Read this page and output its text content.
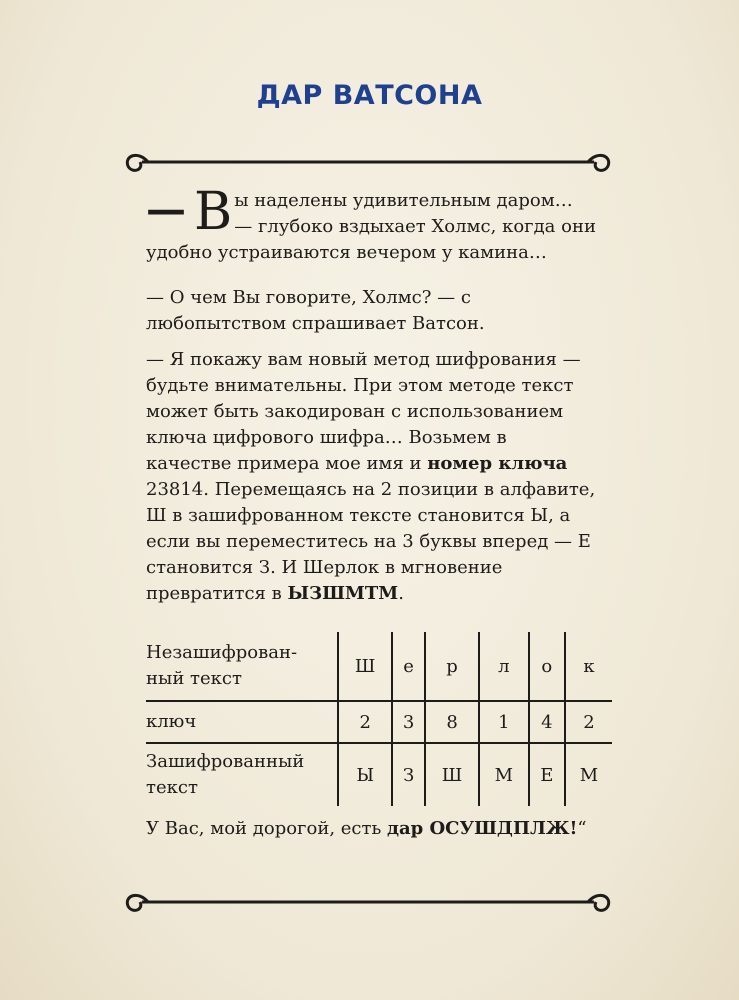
ДАР ВАТСОНА
— В ы наделены удивительным даром…
— глубоко вздыхает Холмс, когда они
удобно устраиваются вечером у камина…
— О чем Вы говорите, Холмс? — с любопытством спрашивает Ватсон.
— Я покажу вам новый метод шифрования — будьте внимательны. При этом методе текст может быть закодирован с использованием ключа цифрового шифра… Возьмем в качестве примера мое имя и номер ключа 23814. Перемещаясь на 2 позиции в алфавите, Ш в зашифрованном тексте становится Ы, а если вы переместитесь на 3 буквы вперед — Е становится З. И Шерлок в мгновение превратится в ЫЗШМТМ.
Незашифрован-ный текст	Ш	е	р	л	о	к
ключ	2	3	8	1	4	2
Зашифрованный текст	Ы	З	Ш	М	Е	М
У Вас, мой дорогой, есть дар ОСУШДПЛЖ!“
